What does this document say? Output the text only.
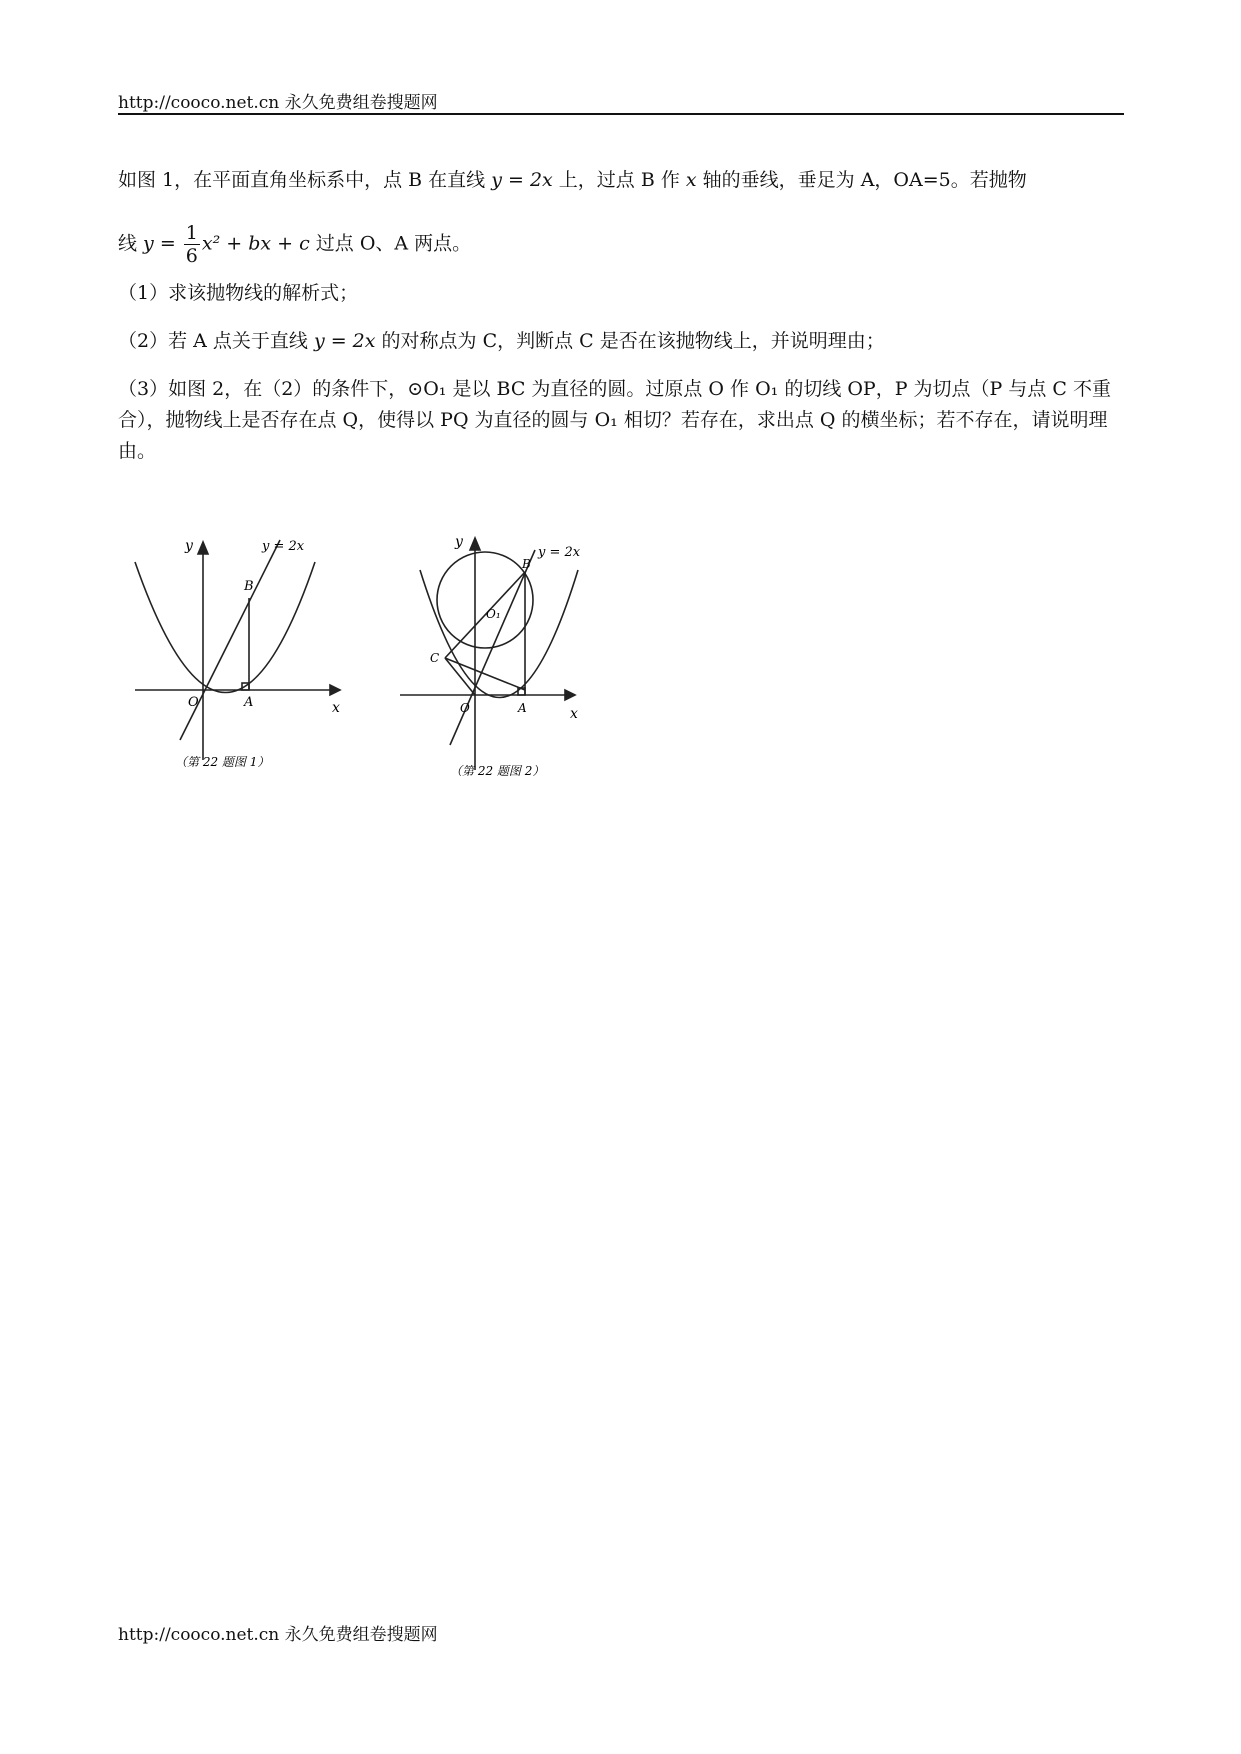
http://cooco.net.cn 永久免费组卷搜题网
如图 1，在平面直角坐标系中，点 B 在直线 y = 2x 上，过点 B 作 x 轴的垂线，垂足为 A，OA=5。若抛物
线 $y = \frac{1}{6} x^2$ + bx + c 过点 O、A 两点。
（1）求该抛物线的解析式；
（2）若 A 点关于直线 y = 2x 的对称点为 C，判断点 C 是否在该抛物线上，并说明理由；
（3）如图 2，在（2）的条件下，⊙O₁ 是以 BC 为直径的圆。过原点 O 作 O₁ 的切线 OP，P 为切点（P 与点 C 不重合），抛物线上是否存在点 Q，使得以 PQ 为直径的圆与 O₁ 相切？若存在，求出点 Q 的横坐标；若不存在，请说明理由。
y
x
y = 2x
B
O	A
（第 22 题图 1）
y
x
y = 2x
B
O₁
C
O	A
（第 22 题图 2）
http://cooco.net.cn 永久免费组卷搜题网
